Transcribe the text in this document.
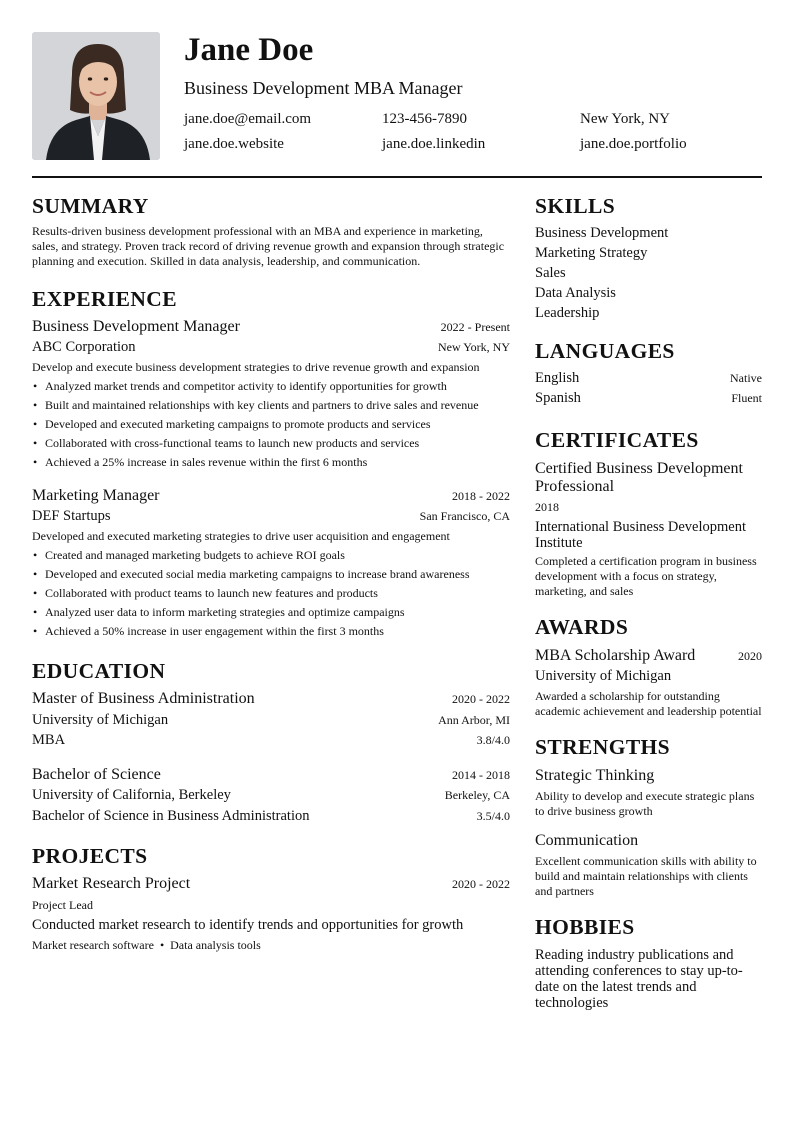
Jane Doe
Business Development MBA Manager
jane.doe@email.com	123-456-7890	New York, NY
jane.doe.website	jane.doe.linkedin	jane.doe.portfolio
SUMMARY
Results-driven business development professional with an MBA and experience in marketing, sales, and strategy. Proven track record of driving revenue growth and expansion through strategic planning and execution. Skilled in data analysis, leadership, and communication.
EXPERIENCE
Business Development Manager	2022 - Present
ABC Corporation	New York, NY
Develop and execute business development strategies to drive revenue growth and expansion
• Analyzed market trends and competitor activity to identify opportunities for growth
• Built and maintained relationships with key clients and partners to drive sales and revenue
• Developed and executed marketing campaigns to promote products and services
• Collaborated with cross-functional teams to launch new products and services
• Achieved a 25% increase in sales revenue within the first 6 months
Marketing Manager	2018 - 2022
DEF Startups	San Francisco, CA
Developed and executed marketing strategies to drive user acquisition and engagement
• Created and managed marketing budgets to achieve ROI goals
• Developed and executed social media marketing campaigns to increase brand awareness
• Collaborated with product teams to launch new features and products
• Analyzed user data to inform marketing strategies and optimize campaigns
• Achieved a 50% increase in user engagement within the first 3 months
EDUCATION
Master of Business Administration	2020 - 2022
University of Michigan	Ann Arbor, MI
MBA	3.8/4.0
Bachelor of Science	2014 - 2018
University of California, Berkeley	Berkeley, CA
Bachelor of Science in Business Administration	3.5/4.0
PROJECTS
Market Research Project	2020 - 2022
Project Lead
Conducted market research to identify trends and opportunities for growth
Market research software • Data analysis tools
SKILLS
Business Development
Marketing Strategy
Sales
Data Analysis
Leadership
LANGUAGES
English	Native
Spanish	Fluent
CERTIFICATES
Certified Business Development Professional
2018
International Business Development Institute
Completed a certification program in business development with a focus on strategy, marketing, and sales
AWARDS
MBA Scholarship Award	2020
University of Michigan
Awarded a scholarship for outstanding academic achievement and leadership potential
STRENGTHS
Strategic Thinking
Ability to develop and execute strategic plans to drive business growth
Communication
Excellent communication skills with ability to build and maintain relationships with clients and partners
HOBBIES
Reading industry publications and attending conferences to stay up-to-date on the latest trends and technologies
